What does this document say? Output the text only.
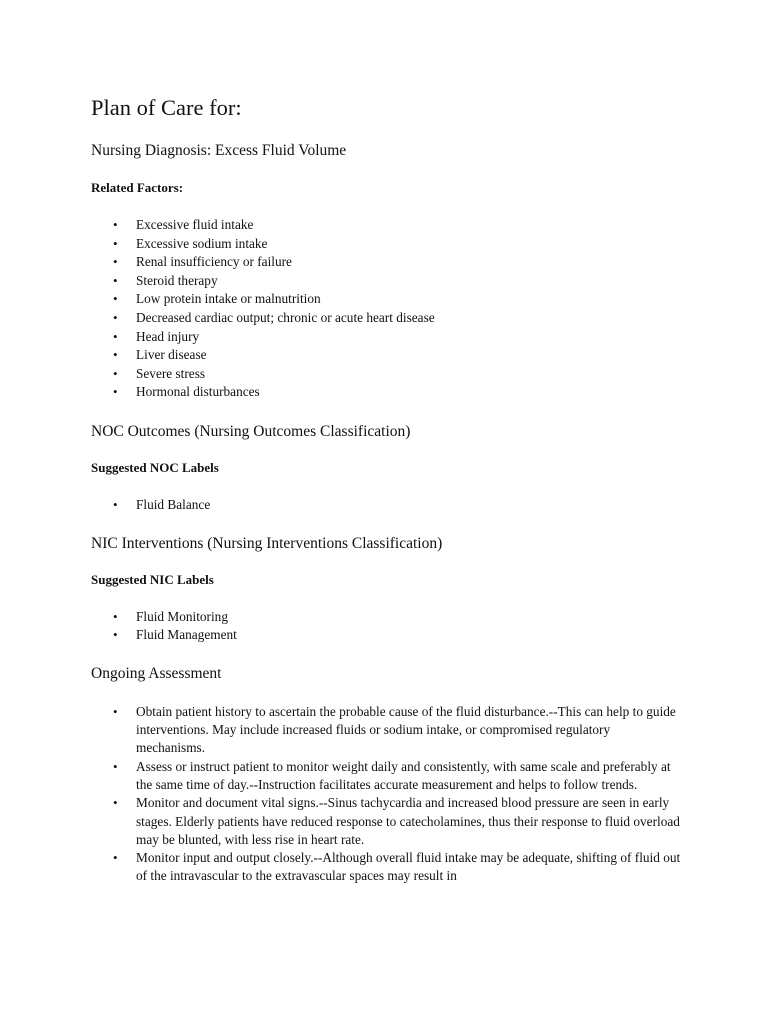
Plan of Care for:
Nursing Diagnosis: Excess Fluid Volume
Related Factors:
• Excessive fluid intake
• Excessive sodium intake
• Renal insufficiency or failure
• Steroid therapy
• Low protein intake or malnutrition
• Decreased cardiac output; chronic or acute heart disease
• Head injury
• Liver disease
• Severe stress
• Hormonal disturbances
NOC Outcomes (Nursing Outcomes Classification)
Suggested NOC Labels
• Fluid Balance
NIC Interventions (Nursing Interventions Classification)
Suggested NIC Labels
• Fluid Monitoring
• Fluid Management
Ongoing Assessment
• Obtain patient history to ascertain the probable cause of the fluid disturbance.--This can help to guide interventions. May include increased fluids or sodium intake, or compromised regulatory mechanisms.
• Assess or instruct patient to monitor weight daily and consistently, with same scale and preferably at the same time of day.--Instruction facilitates accurate measurement and helps to follow trends.
• Monitor and document vital signs.--Sinus tachycardia and increased blood pressure are seen in early stages. Elderly patients have reduced response to catecholamines, thus their response to fluid overload may be blunted, with less rise in heart rate.
• Monitor input and output closely.--Although overall fluid intake may be adequate, shifting of fluid out of the intravascular to the extravascular spaces may result in
